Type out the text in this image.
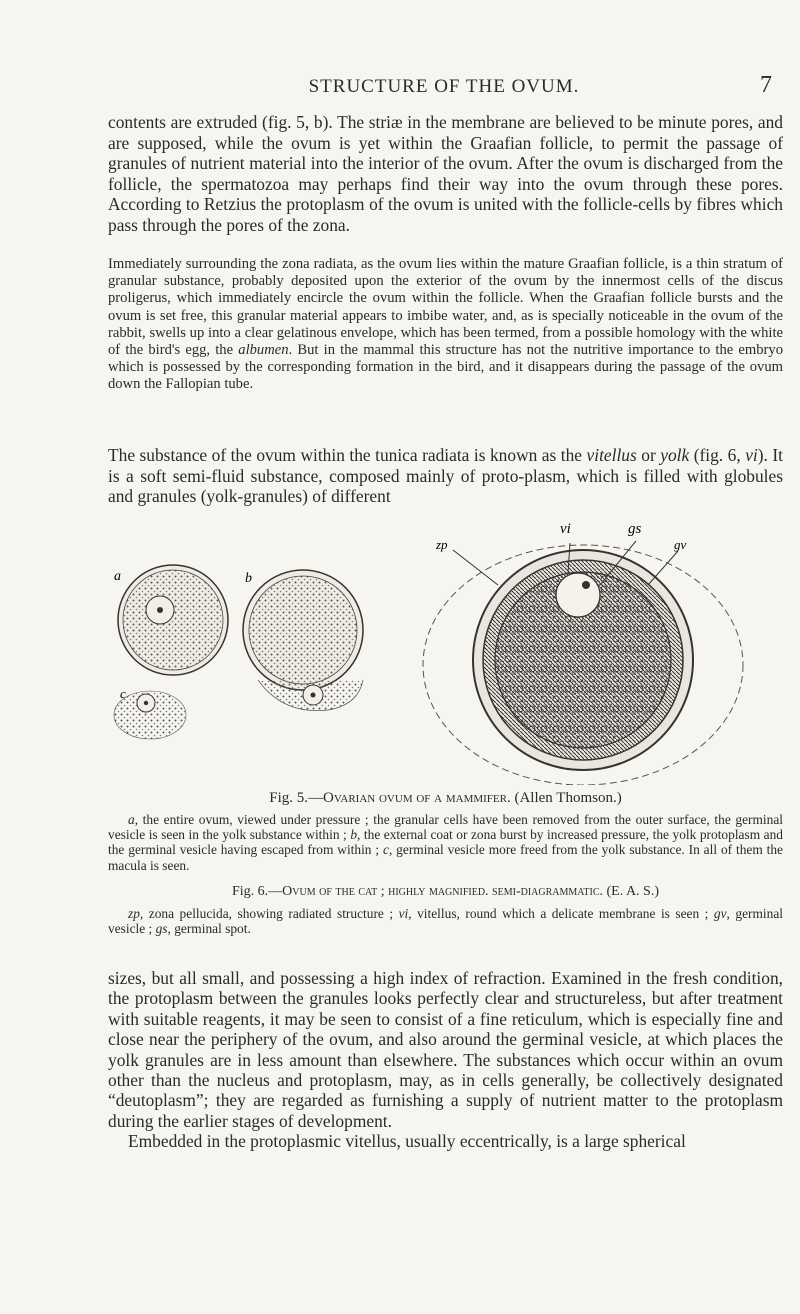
STRUCTURE OF THE OVUM.	7

contents are extruded (fig. 5, b). The striæ in the membrane are believed to be minute pores, and are supposed, while the ovum is yet within the Graafian follicle, to permit the passage of granules of nutrient material into the interior of the ovum. After the ovum is discharged from the follicle, the spermatozoa may perhaps find their way into the ovum through these pores. According to Retzius the protoplasm of the ovum is united with the follicle-cells by fibres which pass through the pores of the zona.

Immediately surrounding the zona radiata, as the ovum lies within the mature Graafian follicle, is a thin stratum of granular substance, probably deposited upon the exterior of the ovum by the innermost cells of the discus proligerus, which immediately encircle the ovum within the follicle. When the Graafian follicle bursts and the ovum is set free, this granular material appears to imbibe water, and, as is specially noticeable in the ovum of the rabbit, swells up into a clear gelatinous envelope, which has been termed, from a possible homology with the white of the bird's egg, the albumen. But in the mammal this structure has not the nutritive importance to the embryo which is possessed by the corresponding formation in the bird, and it disappears during the passage of the ovum down the Fallopian tube.

The substance of the ovum within the tunica radiata is known as the vitellus or yolk (fig. 6, vi). It is a soft semi-fluid substance, composed mainly of proto-plasm, which is filled with globules and granules (yolk-granules) of different

a	b
c
vi	gs
zp	gv

Fig. 5.—Ovarian ovum of a mammifer. (Allen Thomson.)

a, the entire ovum, viewed under pressure ; the granular cells have been removed from the outer surface, the germinal vesicle is seen in the yolk substance within ; b, the external coat or zona burst by increased pressure, the yolk protoplasm and the germinal vesicle having escaped from within ; c, germinal vesicle more freed from the yolk substance. In all of them the macula is seen.

Fig. 6.—Ovum of the cat ; highly magnified. semi-diagrammatic. (E. A. S.)

zp, zona pellucida, showing radiated structure ; vi, vitellus, round which a delicate membrane is seen ; gv, germinal vesicle ; gs, germinal spot.

sizes, but all small, and possessing a high index of refraction. Examined in the fresh condition, the protoplasm between the granules looks perfectly clear and structureless, but after treatment with suitable reagents, it may be seen to consist of a fine reticulum, which is especially fine and close near the periphery of the ovum, and also around the germinal vesicle, at which places the yolk granules are in less amount than elsewhere. The substances which occur within an ovum other than the nucleus and protoplasm, may, as in cells generally, be collectively designated “deutoplasm”; they are regarded as furnishing a supply of nutrient matter to the protoplasm during the earlier stages of development.
Embedded in the protoplasmic vitellus, usually eccentrically, is a large spherical
